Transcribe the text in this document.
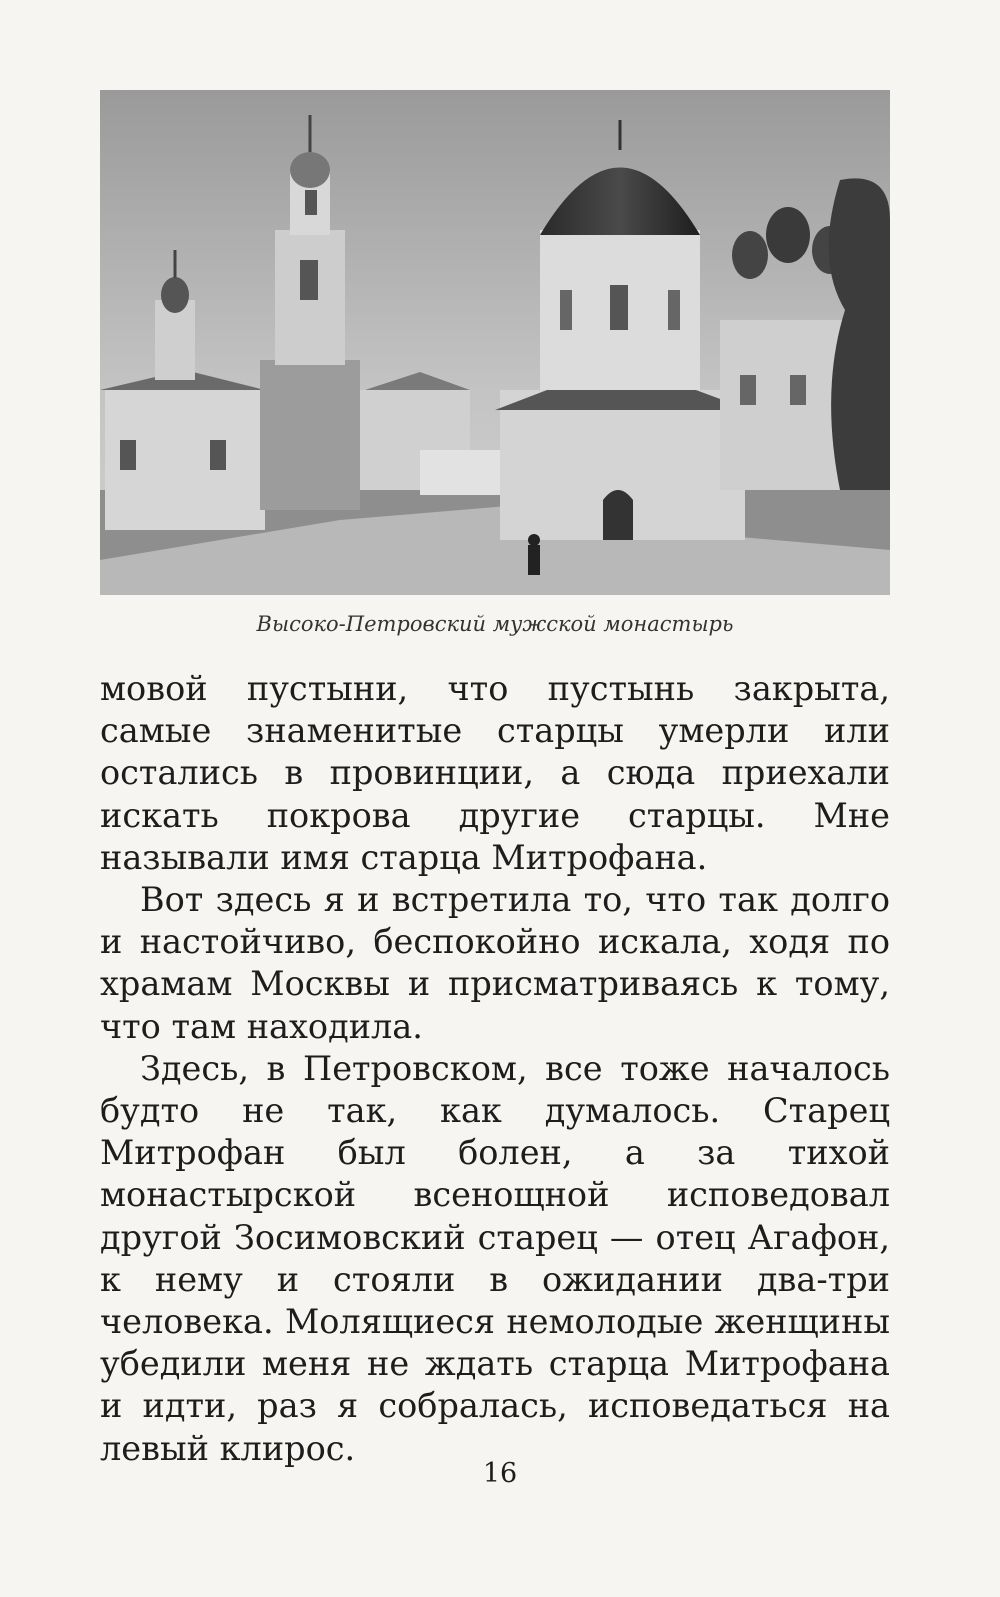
Высоко-Петровский мужской монастырь

мовой пустыни, что пустынь закрыта, самые знаменитые старцы умерли или остались в провинции, а сюда приехали искать покрова другие старцы. Мне называли имя старца Митрофана.

Вот здесь я и встретила то, что так долго и настойчиво, беспокойно искала, ходя по храмам Москвы и присматриваясь к тому, что там находила.

Здесь, в Петровском, все тоже началось будто не так, как думалось. Старец Митрофан был болен, а за тихой монастырской всенощной исповедовал другой Зосимовский старец — отец Агафон, к нему и стояли в ожидании два-три человека. Молящиеся немолодые женщины убедили меня не ждать старца Митрофана и идти, раз я собралась, исповедаться на левый клирос.

16
